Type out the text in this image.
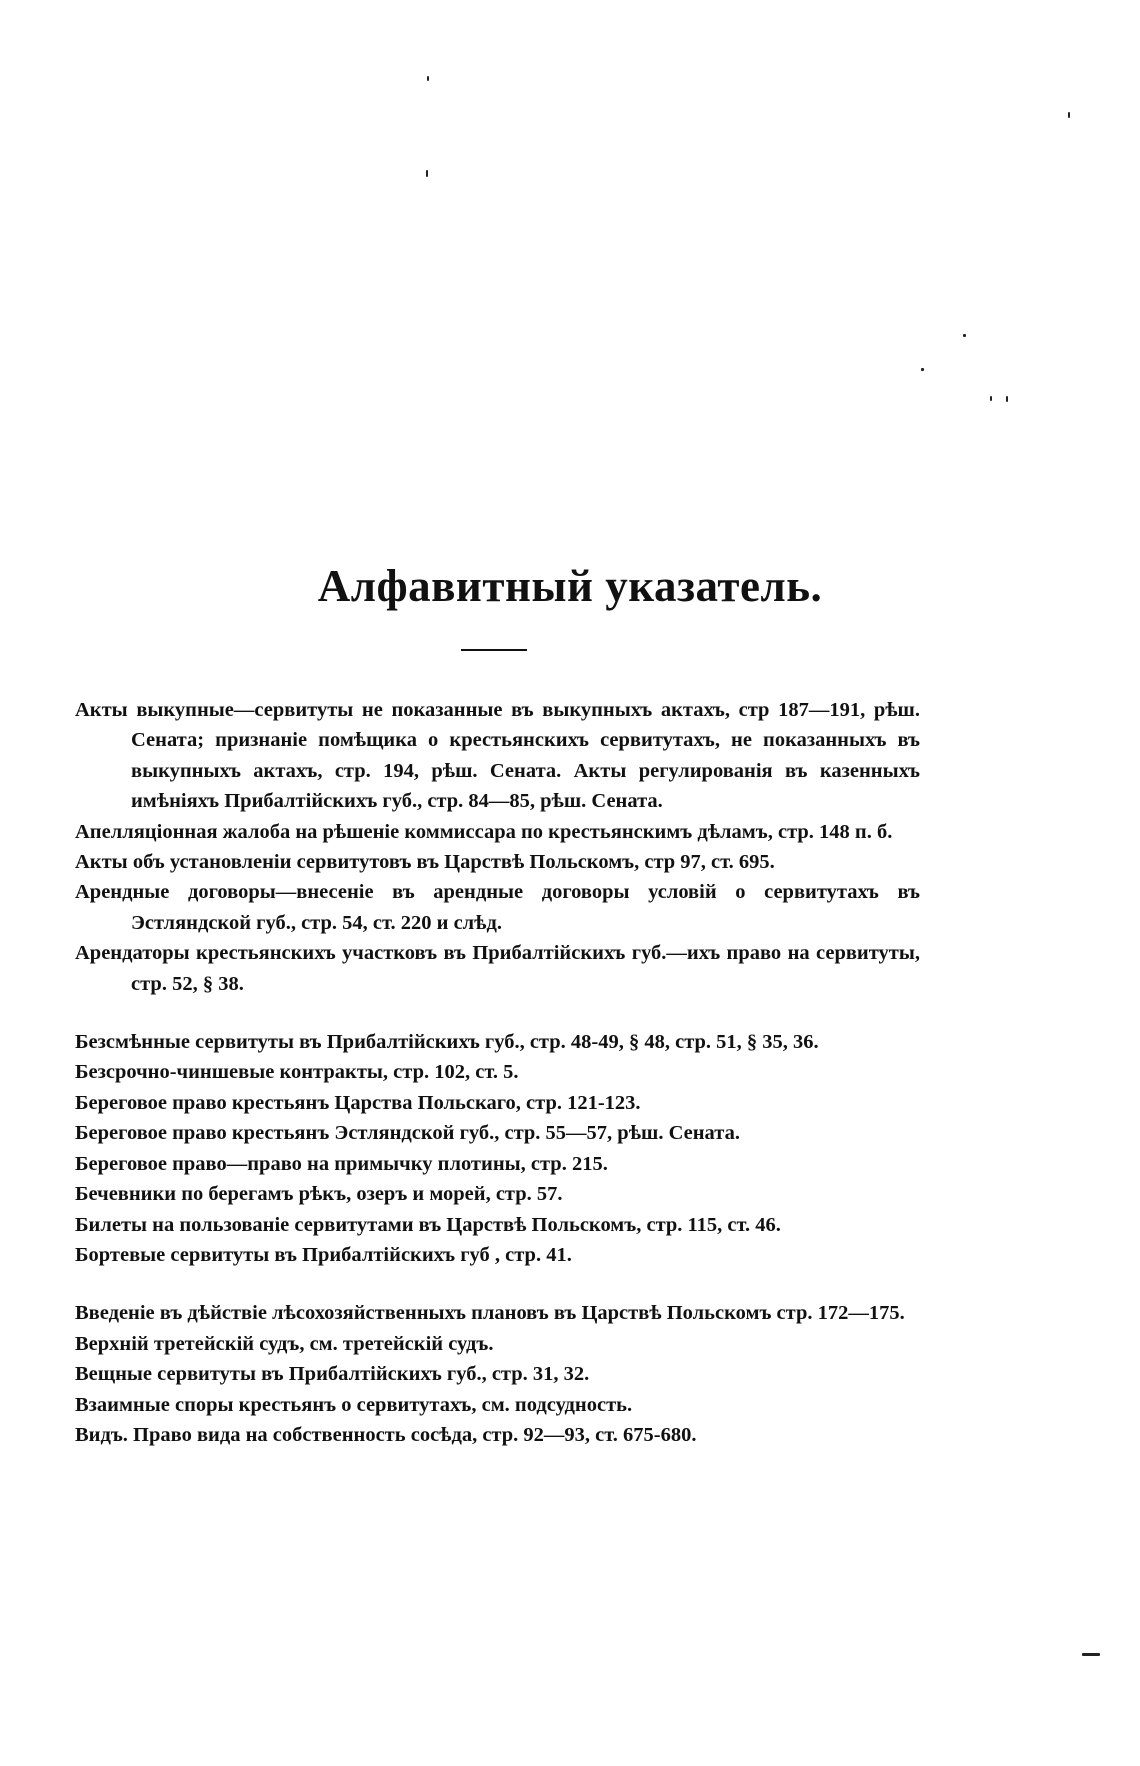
Алфавитный указатель.

Акты выкупные—сервитуты не показанные въ выкупныхъ актахъ, стр 187—191, рѣш. Сената; признаніе помѣщика о крестьянскихъ сервитутахъ, не показанныхъ въ выкупныхъ актахъ, стр. 194, рѣш. Сената. Акты регулированія въ казенныхъ имѣніяхъ Прибалтійскихъ губ., стр. 84—85, рѣш. Сената.

Апелляціонная жалоба на рѣшеніе коммиссара по крестьянскимъ дѣламъ, стр. 148 п. б.

Акты объ установленіи сервитутовъ въ Царствѣ Польскомъ, стр 97, ст. 695.

Арендные договоры—внесеніе въ арендные договоры условій о сервитутахъ въ Эстляндской губ., стр. 54, ст. 220 и слѣд.

Арендаторы крестьянскихъ участковъ въ Прибалтійскихъ губ.—ихъ право на сервитуты, стр. 52, § 38.

Безсмѣнные сервитуты въ Прибалтійскихъ губ., стр. 48-49, § 48, стр. 51, § 35, 36.

Безсрочно-чиншевые контракты, стр. 102, ст. 5.

Береговое право крестьянъ Царства Польскаго, стр. 121-123.

Береговое право крестьянъ Эстляндской губ., стр. 55—57, рѣш. Сената.

Береговое право—право на примычку плотины, стр. 215.

Бечевники по берегамъ рѣкъ, озеръ и морей, стр. 57.

Билеты на пользованіе сервитутами въ Царствѣ Польскомъ, стр. 115, ст. 46.

Бортевые сервитуты въ Прибалтійскихъ губ , стр. 41.

Введеніе въ дѣйствіе лѣсохозяйственныхъ плановъ въ Царствѣ Польскомъ стр. 172—175.

Верхній третейскій судъ, см. третейскій судъ.

Вещные сервитуты въ Прибалтійскихъ губ., стр. 31, 32.

Взаимные споры крестьянъ о сервитутахъ, см. подсудность.

Видъ. Право вида на собственность сосѣда, стр. 92—93, ст. 675-680.
